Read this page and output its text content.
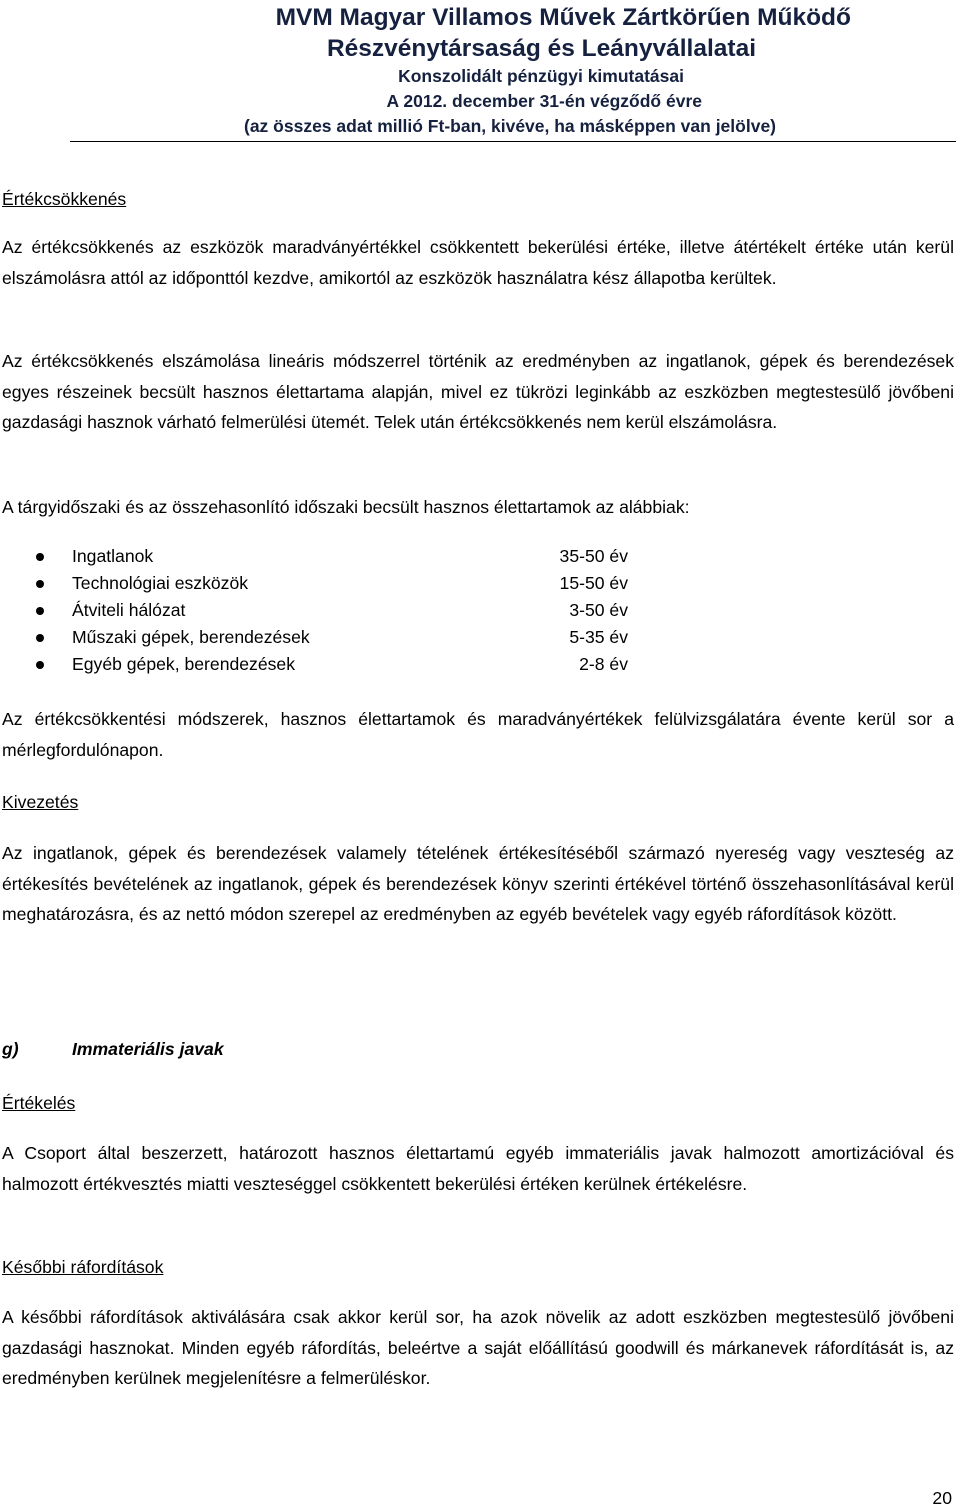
MVM Magyar Villamos Művek Zártkörűen Működő
Részvénytársaság és Leányvállalatai
Konszolidált pénzügyi kimutatásai
A 2012. december 31-én végződő évre
(az összes adat millió Ft-ban, kivéve, ha másképpen van jelölve)
Értékcsökkenés
Az értékcsökkenés az eszközök maradványértékkel csökkentett bekerülési értéke, illetve átértékelt értéke után kerül elszámolásra attól az időponttól kezdve, amikortól az eszközök használatra kész állapotba kerültek.
Az értékcsökkenés elszámolása lineáris módszerrel történik az eredményben az ingatlanok, gépek és berendezések egyes részeinek becsült hasznos élettartama alapján, mivel ez tükrözi leginkább az eszközben megtestesülő jövőbeni gazdasági hasznok várható felmerülési ütemét. Telek után értékcsökkenés nem kerül elszámolásra.
A tárgyidőszaki és az összehasonlító időszaki becsült hasznos élettartamok az alábbiak:
Ingatlanok	35-50 év
Technológiai eszközök	15-50 év
Átviteli hálózat	3-50 év
Műszaki gépek, berendezések	5-35 év
Egyéb gépek, berendezések	2-8 év
Az értékcsökkentési módszerek, hasznos élettartamok és maradványértékek felülvizsgálatára évente kerül sor a mérlegfordulónapon.
Kivezetés
Az ingatlanok, gépek és berendezések valamely tételének értékesítéséből származó nyereség vagy veszteség az értékesítés bevételének az ingatlanok, gépek és berendezések könyv szerinti értékével történő összehasonlításával kerül meghatározásra, és az nettó módon szerepel az eredményben az egyéb bevételek vagy egyéb ráfordítások között.
g)	Immateriális javak
Értékelés
A Csoport által beszerzett, határozott hasznos élettartamú egyéb immateriális javak halmozott amortizációval és halmozott értékvesztés miatti veszteséggel csökkentett bekerülési értéken kerülnek értékelésre.
Későbbi ráfordítások
A későbbi ráfordítások aktiválására csak akkor kerül sor, ha azok növelik az adott eszközben megtestesülő jövőbeni gazdasági hasznokat. Minden egyéb ráfordítás, beleértve a saját előállítású goodwill és márkanevek ráfordítását is, az eredményben kerülnek megjelenítésre a felmerüléskor.
20
